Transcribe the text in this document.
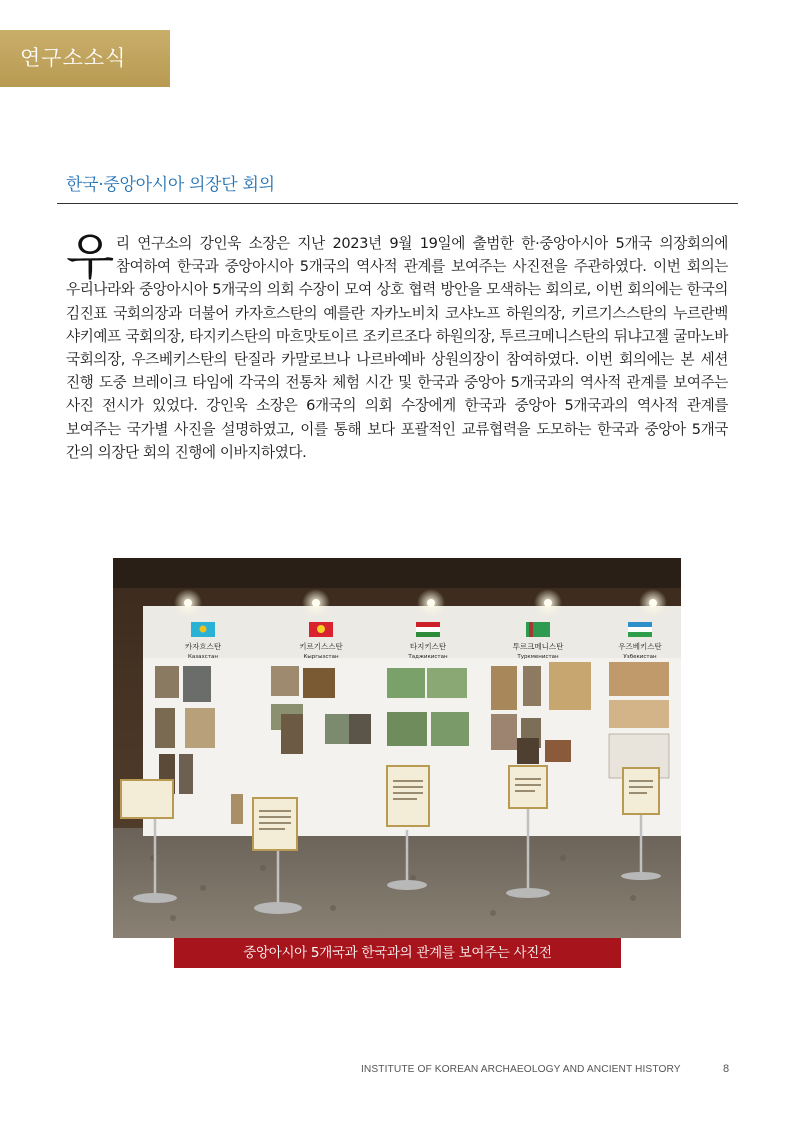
연구소소식
한국·중앙아시아 의장단 회의
우리 연구소의 강인욱 소장은 지난 2023년 9월 19일에 출범한 한·중앙아시아 5개국 의장회의에 참여하여 한국과 중앙아시아 5개국의 역사적 관계를 보여주는 사진전을 주관하였다. 이번 회의는 우리나라와 중앙아시아 5개국의 의회 수장이 모여 상호 협력 방안을 모색하는 회의로, 이번 회의에는 한국의 김진표 국회의장과 더불어 카자흐스탄의 예를란 자카노비치 코샤노프 하원의장, 키르기스스탄의 누르란벡 샤키예프 국회의장, 타지키스탄의 마흐맛토이르 조키르조다 하원의장, 투르크메니스탄의 뒤냐고젤 굴마노바 국회의장, 우즈베키스탄의 탄질라 카말로브나 나르바예바 상원의장이 참여하였다. 이번 회의에는 본 세션 진행 도중 브레이크 타임에 각국의 전통차 체험 시간 및 한국과 중앙아 5개국과의 역사적 관계를 보여주는 사진 전시가 있었다. 강인욱 소장은 6개국의 의회 수장에게 한국과 중앙아 5개국과의 역사적 관계를 보여주는 국가별 사진을 설명하였고, 이를 통해 보다 포괄적인 교류협력을 도모하는 한국과 중앙아 5개국 간의 의장단 회의 진행에 이바지하였다.
카자흐스탄
Казахстан
키르기스스탄
Кыргызстан
타지키스탄
Таджикистан
투르크메니스탄
Туркменистан
우즈베키스탄
Узбекистан
중앙아시아 5개국과 한국과의 관계를 보여주는 사진전
INSTITUTE OF KOREAN ARCHAEOLOGY AND ANCIENT HISTORY	8
